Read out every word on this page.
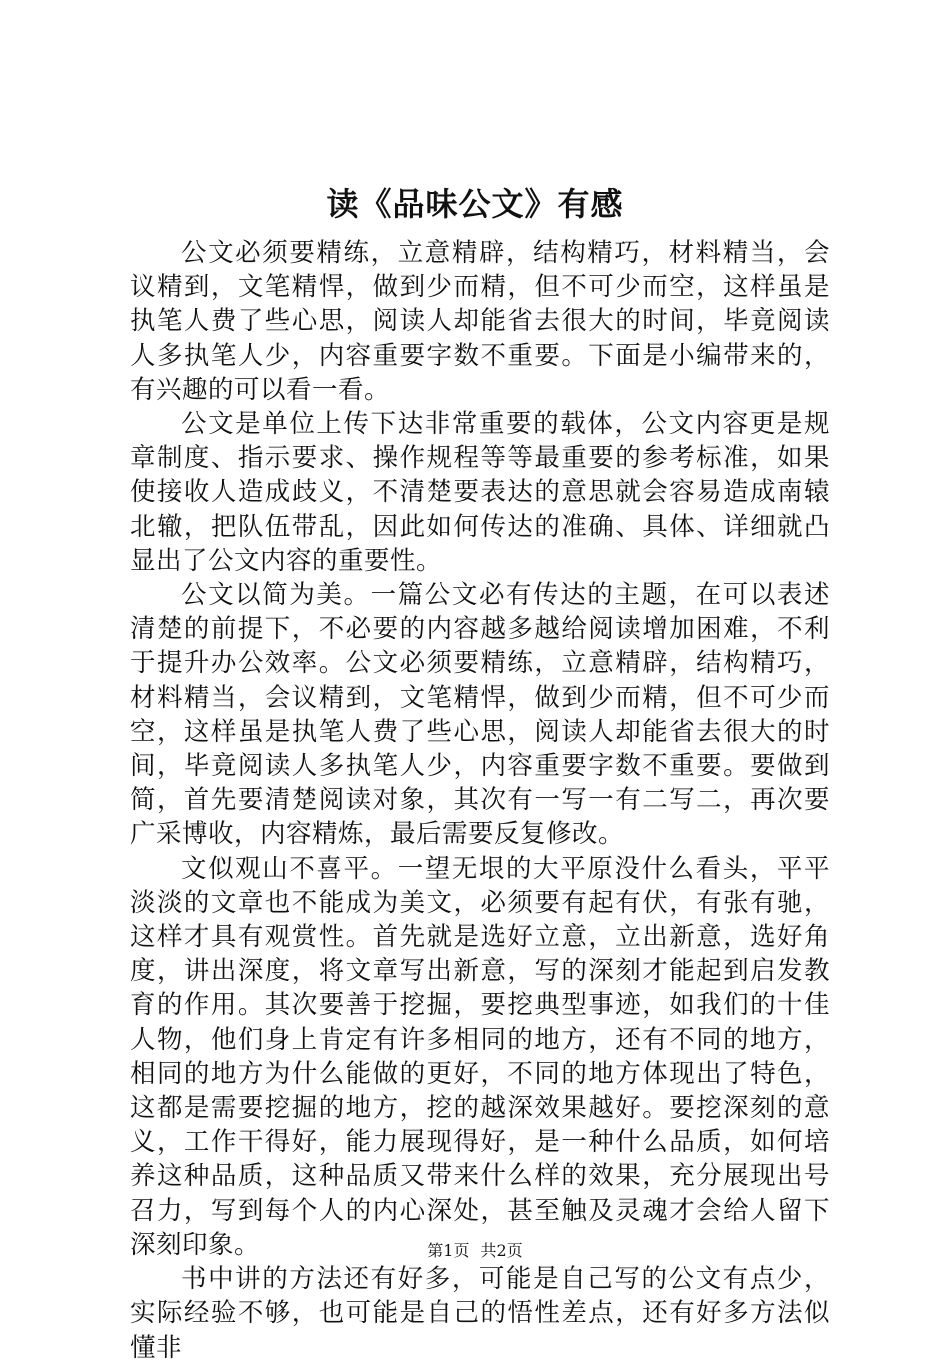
读《品味公文》有感

公文必须要精练，立意精辟，结构精巧，材料精当，会议精到，文笔精悍，做到少而精，但不可少而空，这样虽是执笔人费了些心思，阅读人却能省去很大的时间，毕竟阅读人多执笔人少，内容重要字数不重要。下面是小编带来的，有兴趣的可以看一看。

公文是单位上传下达非常重要的载体，公文内容更是规章制度、指示要求、操作规程等等最重要的参考标准，如果使接收人造成歧义，不清楚要表达的意思就会容易造成南辕北辙，把队伍带乱，因此如何传达的准确、具体、详细就凸显出了公文内容的重要性。

公文以简为美。一篇公文必有传达的主题，在可以表述清楚的前提下，不必要的内容越多越给阅读增加困难，不利于提升办公效率。公文必须要精练，立意精辟，结构精巧，材料精当，会议精到，文笔精悍，做到少而精，但不可少而空，这样虽是执笔人费了些心思，阅读人却能省去很大的时间，毕竟阅读人多执笔人少，内容重要字数不重要。要做到简，首先要清楚阅读对象，其次有一写一有二写二，再次要广采博收，内容精炼，最后需要反复修改。

文似观山不喜平。一望无垠的大平原没什么看头，平平淡淡的文章也不能成为美文，必须要有起有伏，有张有驰，这样才具有观赏性。首先就是选好立意，立出新意，选好角度，讲出深度，将文章写出新意，写的深刻才能起到启发教育的作用。其次要善于挖掘，要挖典型事迹，如我们的十佳人物，他们身上肯定有许多相同的地方，还有不同的地方，相同的地方为什么能做的更好，不同的地方体现出了特色，这都是需要挖掘的地方，挖的越深效果越好。要挖深刻的意义，工作干得好，能力展现得好，是一种什么品质，如何培养这种品质，这种品质又带来什么样的效果，充分展现出号召力，写到每个人的内心深处，甚至触及灵魂才会给人留下深刻印象。

书中讲的方法还有好多，可能是自己写的公文有点少，实际经验不够，也可能是自己的悟性差点，还有好多方法似懂非

第1页 共2页
